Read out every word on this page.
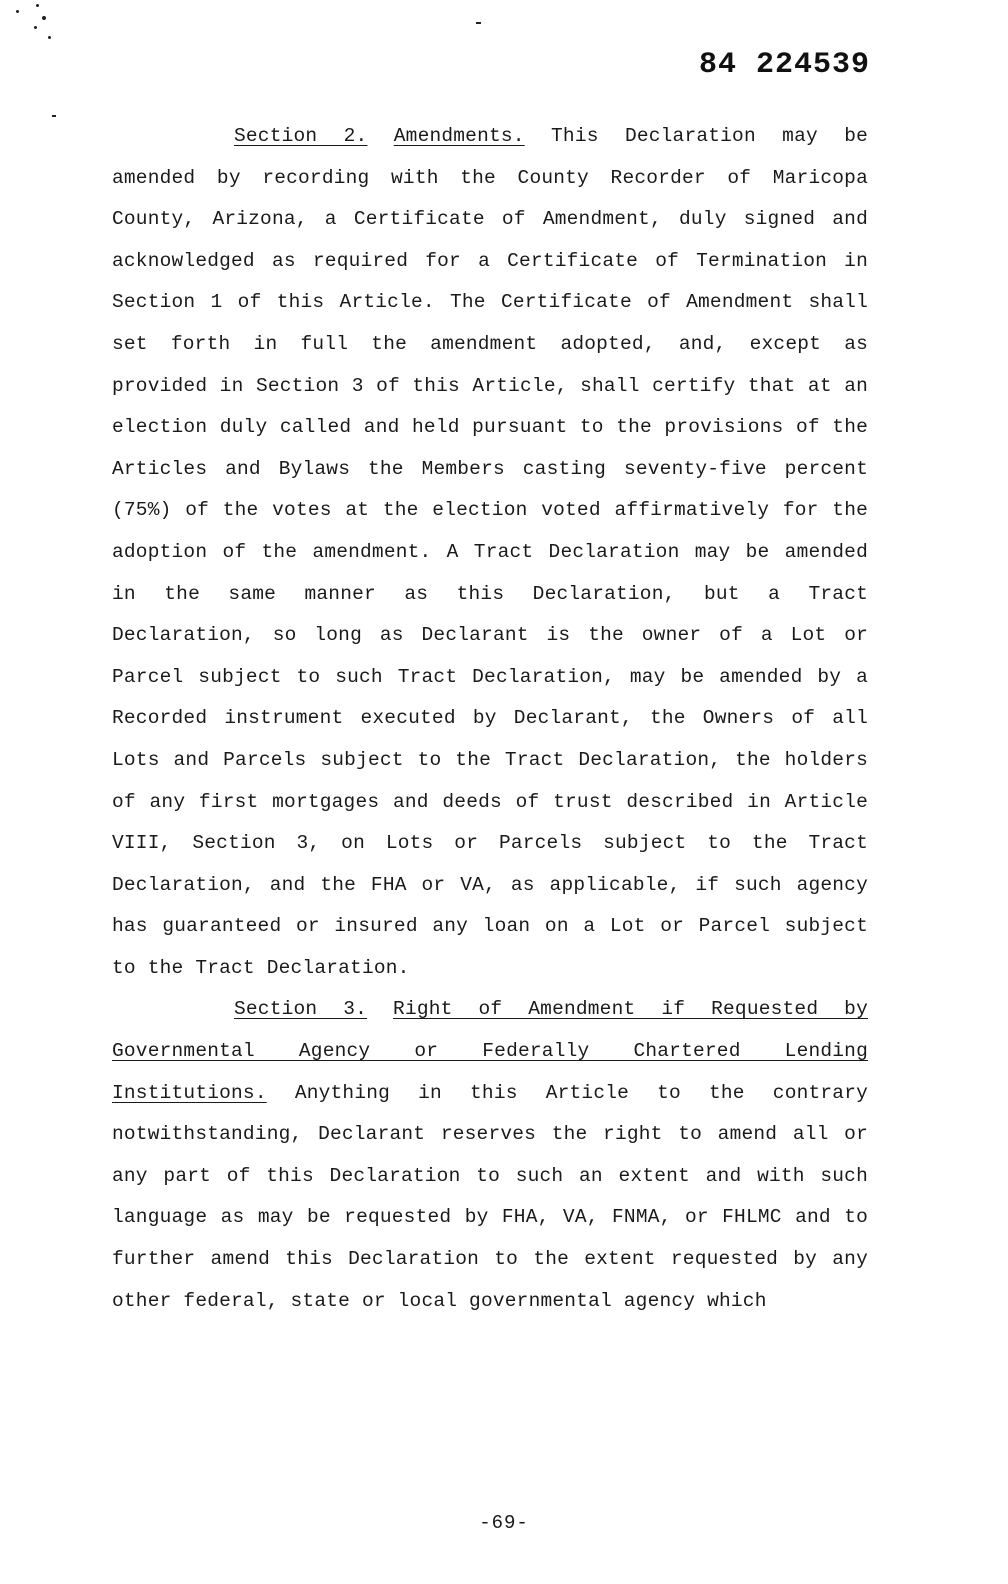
84 224539

Section 2. Amendments. This Declaration may be amended by recording with the County Recorder of Maricopa County, Arizona, a Certificate of Amendment, duly signed and acknowledged as required for a Certificate of Termination in Section 1 of this Article. The Certificate of Amendment shall set forth in full the amendment adopted, and, except as provided in Section 3 of this Article, shall certify that at an election duly called and held pursuant to the provisions of the Articles and Bylaws the Members casting seventy-five percent (75%) of the votes at the election voted affirmatively for the adoption of the amendment. A Tract Declaration may be amended in the same manner as this Declaration, but a Tract Declaration, so long as Declarant is the owner of a Lot or Parcel subject to such Tract Declaration, may be amended by a Recorded instrument executed by Declarant, the Owners of all Lots and Parcels subject to the Tract Declaration, the holders of any first mortgages and deeds of trust described in Article VIII, Section 3, on Lots or Parcels subject to the Tract Declaration, and the FHA or VA, as applicable, if such agency has guaranteed or insured any loan on a Lot or Parcel subject to the Tract Declaration.

Section 3. Right of Amendment if Requested by Governmental Agency or Federally Chartered Lending Institutions. Anything in this Article to the contrary notwithstanding, Declarant reserves the right to amend all or any part of this Declaration to such an extent and with such language as may be requested by FHA, VA, FNMA, or FHLMC and to further amend this Declaration to the extent requested by any other federal, state or local governmental agency which

-69-
